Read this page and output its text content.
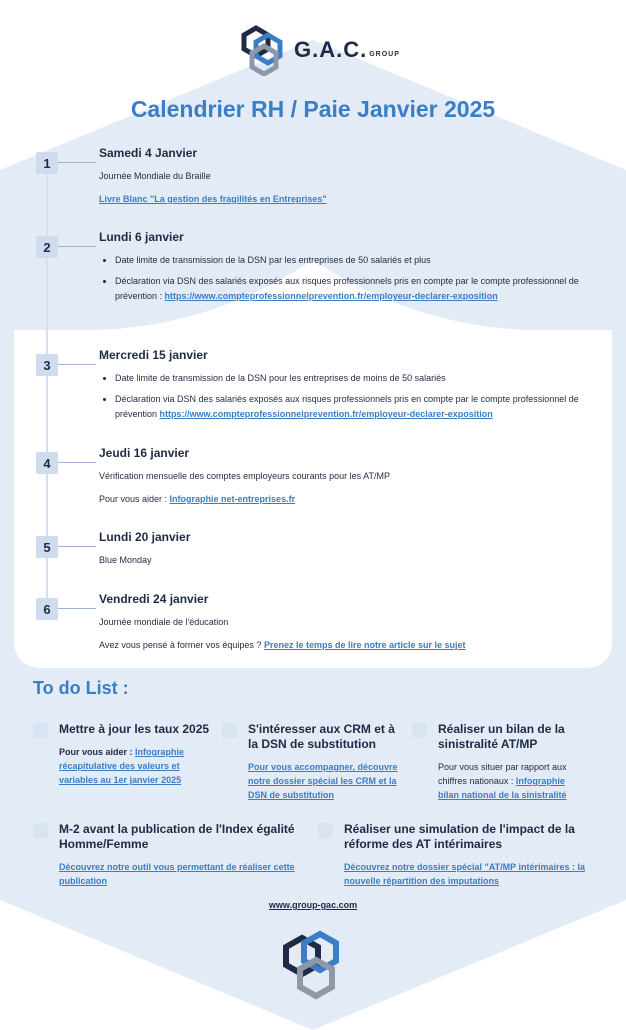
G.A.C. GROUP
Calendrier RH / Paie Janvier 2025
1
Samedi 4 Janvier
Journée Mondiale du Braille
Livre Blanc "La gestion des fragilités en Entreprises"
2
Lundi 6 janvier
Date limite de transmission de la DSN par les entreprises de 50 salariés et plus
Déclaration via DSN des salariés exposés aux risques professionnels pris en compte par le compte professionnel de prévention : https://www.compteprofessionnelprevention.fr/employeur-declarer-exposition
3
Mercredi 15 janvier
Date limite de transmission de la DSN pour les entreprises de moins de 50 salariés
Déclaration via DSN des salariés exposés aux risques professionnels pris en compte par le compte professionnel de prévention https://www.compteprofessionnelprevention.fr/employeur-declarer-exposition
4
Jeudi 16 janvier
Vérification mensuelle des comptes employeurs courants pour les AT/MP
Pour vous aider : Infographie net-entreprises.fr
5
Lundi 20 janvier
Blue Monday
6
Vendredi 24 janvier
Journée mondiale de l'éducation
Avez vous pensé à former vos équipes ? Prenez le temps de lire notre article sur le sujet
To do List :
Mettre à jour les taux 2025
Pour vous aider : Infographie récapitulative des valeurs et variables au 1er janvier 2025
S'intéresser aux CRM et à la DSN de substitution
Pour vous accompagner, découvre notre dossier spécial les CRM et la DSN de substitution
Réaliser un bilan de la sinistralité AT/MP
Pour vous situer par rapport aux chiffres nationaux : Infographie bilan national de la sinistralité
M-2 avant la publication de l'Index égalité Homme/Femme
Découvrez notre outil vous permettant de réaliser cette publication
Réaliser une simulation de l'impact de la réforme des AT intérimaires
Découvrez notre dossier spécial "AT/MP intérimaires : la nouvelle répartition des imputations
www.group-gac.com
